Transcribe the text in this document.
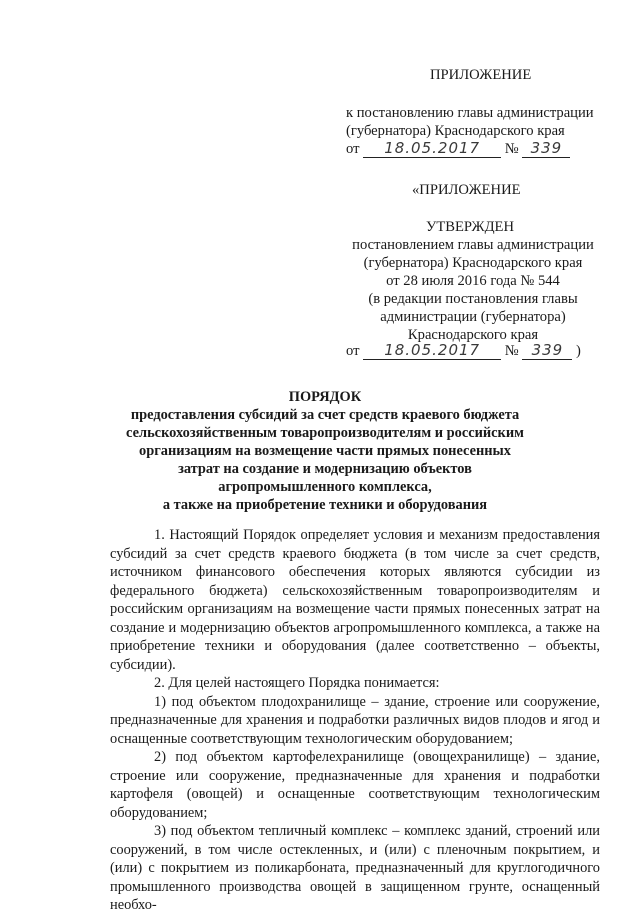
ПРИЛОЖЕНИЕ
к постановлению главы администрации
(губернатора) Краснодарского края
от 18.05.2017 № 339
«ПРИЛОЖЕНИЕ
УТВЕРЖДЕН
постановлением главы администрации
(губернатора) Краснодарского края
от 28 июля 2016 года № 544
(в редакции постановления главы
администрации (губернатора)
Краснодарского края
от 18.05.2017 № 339 )
ПОРЯДОК
предоставления субсидий за счет средств краевого бюджета
сельскохозяйственным товаропроизводителям и российским
организациям на возмещение части прямых понесенных
затрат на создание и модернизацию объектов
агропромышленного комплекса,
а также на приобретение техники и оборудования

1. Настоящий Порядок определяет условия и механизм предоставления субсидий за счет средств краевого бюджета (в том числе за счет средств, источником финансового обеспечения которых являются субсидии из федерального бюджета) сельскохозяйственным товаропроизводителям и российским организациям на возмещение части прямых понесенных затрат на создание и модернизацию объектов агропромышленного комплекса, а также на приобретение техники и оборудования (далее соответственно – объекты, субсидии).

2. Для целей настоящего Порядка понимается:

1) под объектом плодохранилище – здание, строение или сооружение, предназначенные для хранения и подработки различных видов плодов и ягод и оснащенные соответствующим технологическим оборудованием;

2) под объектом картофелехранилище (овощехранилище) – здание, строение или сооружение, предназначенные для хранения и подработки картофеля (овощей) и оснащенные соответствующим технологическим оборудованием;

3) под объектом тепличный комплекс – комплекс зданий, строений или сооружений, в том числе остекленных, и (или) с пленочным покрытием, и (или) с покрытием из поликарбоната, предназначенный для круглогодичного промышленного производства овощей в защищенном грунте, оснащенный необхо-
